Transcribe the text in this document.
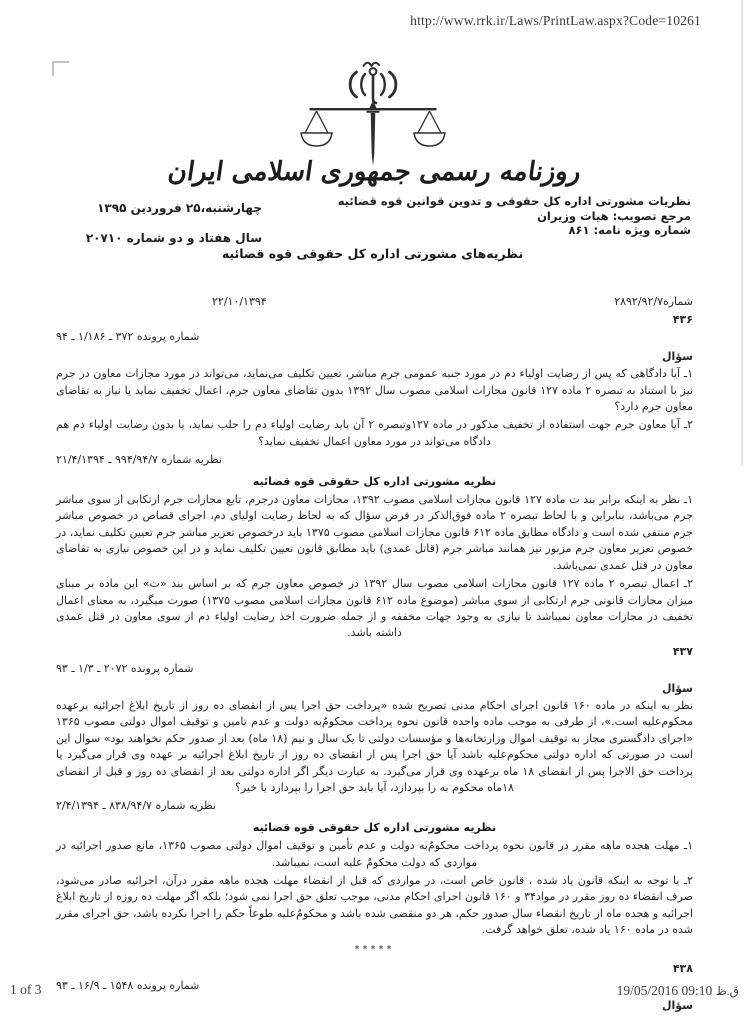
http://www.rrk.ir/Laws/PrintLaw.aspx?Code=10261
روزنامه رسمی جمهوری اسلامی ایران
نظریات مشورتی اداره کل حقوقی و تدوین قوانین قوه قضائیه
مرجع تصویب: هیات وزیران
شماره ویژه نامه: ۸۶۱
چهارشنبه،۲۵ فروردین ۱۳۹۵
سال هفتاد و دو شماره ۲۰۷۱۰
نظریه‌های مشورتی اداره کل حقوقی قوه قضائیه
شماره۲۸۹۲/۹۲/۷
۲۲/۱۰/۱۳۹۴
۴۳۶
شماره پرونده ۳۷۲ ـ ۱/۱۸۶ ـ ۹۴
سؤال

۱ـ آیا دادگاهی که پس از رضایت اولیاء دم در مورد جنبه عمومی جرم مباشر، تعیین تکلیف می‌نماید، می‌تواند در مورد مجازات معاون در جرم نیز با استناد به تبصره ۲ ماده ۱۲۷ قانون مجازات اسلامی مصوب سال ۱۳۹۲ بدون تقاضای معاون جرم، اعمال تخفیف نماید یا نیاز به تقاضای معاون جرم دارد؟

۲ـ آیا معاون جرم جهت استفاده از تخفیف مذکور در ماده ۱۲۷وتبصره ۲ آن باید رضایت اولیاء دم را جلب نماید، یا بدون رضایت اولیاء دم هم دادگاه می‌تواند در مورد معاون اعمال تخفیف نماید؟

نظریه شماره ۹۹۴/۹۴/۷ ـ ۲۱/۴/۱۳۹۴
نظریه مشورتی اداره کل حقوقی قوه قضائیه

۱ـ نظر به اینکه برابر بند ت ماده ۱۲۷ قانون مجازات اسلامی مصوب ۱۳۹۲، مجازات معاون درجرم، تابع مجازات جرم ارتکابی از سوی مباشر جرم می‌باشد، بنابراین و با لحاظ تبصره ۲ ماده فوق‌الذکر در فرض سؤال که به لحاظ رضایت اولیای دم، اجرای قصاص در خصوص مباشر جرم منتفی شده است و دادگاه مطابق ماده ۶۱۲ قانون مجازات اسلامی مصوب ۱۳۷۵ باید درخصوص تعزیر مباشر جرم تعیین تکلیف نماید، در خصوص تعزیر معاون جرم مزبور نیز همانند مباشر جرم (قاتل عمدی) باید مطابق قانون تعیین تکلیف نماید و در این خصوص نیازی به تقاضای معاون در قتل عمدی نمی‌باشد.

۲ـ اعمال تبصره ۲ ماده ۱۲۷ قانون مجازات اسلامی مصوب سال ۱۳۹۲ در خصوص معاون جرم که بر اساس بند «ت» این ماده بر مبنای میزان مجازات قانونی جرم ارتکابی از سوی مباشر (موضوع ماده ۶۱۲ قانون مجازات اسلامی مصوب ۱۳۷۵) صورت میگیرد، به معنای اعمال تخفیف در مجازات معاون نمیباشد تا نیازی به وجود جهات مخففه و از جمله ضرورت اخذ رضایت اولیاء دم از سوی معاون در قتل عمدی داشته باشد.

۴۳۷
شماره پرونده ۲۰۷۲ ـ ۱/۳ ـ ۹۳
سؤال

نظر به اینکه در ماده ۱۶۰ قانون اجرای احکام مدنی تصریح شده «پرداخت حق اجرا پس از انقضای ده روز از تاریخ ابلاغ اجرائیه برعهده محکوم‌علیه است.»، از طرفی به موجب ماده واحده قانون نحوه پرداخت محکومٌ‌به دولت و عدم تامین و توقیف اموال دولتی مصوب ۱۳۶۵ «اجرای دادگستری مجاز به توقیف اموال وزارتخانه‌ها و مؤسسات دولتی تا یک سال و نیم (۱۸ ماه) بعد از صدور حکم نخواهند بود» سوال این است در صورتی که اداره دولتی محکوم‌علیه باشد آیا حق اجرا پس از انقضای ده روز از تاریخ ابلاغ اجرائیه بر عهده وی قرار می‌گیرد یا پرداخت حق الاجرا پس از انقضای ۱۸ ماه برعهده وی قرار می‌گیرد. به عبارت دیگر اگر اداره دولتی بعد از انقضای ده روز و قبل از انقضای ۱۸ماه محکوم به را بپردازد، آیا باید حق اجرا را بپردازد یا خیر؟

نظریه شماره ۸۳۸/۹۴/۷ ـ ۲/۴/۱۳۹۴
نظریه مشورتی اداره کل حقوقی قوه قضائیه

۱ـ مهلت هجده ماهه مقرر در قانون نحوه پرداخت محکومٌ‌به دولت و عدم تأمین و توقیف اموال دولتی مصوب ۱۳۶۵، مانع صدور اجرائیه در مواردی که دولت محکومٌ علیه است، نمیباشد.

۲ـ با توجه به اینکه قانون یاد شده ، قانون خاص است، در مواردی که قبل از انقضاء مهلت هجده ماهه مقرر درآن، اجرائیه صادر می‌شود، صرف انقضاء ده روز مقرر در مواد۳۴ و ۱۶۰ قانون اجرای احکام مدنی، موجب تعلق حق اجرا نمی شود؛ بلکه اگر مهلت ده روزه از تاریخ ابلاغ اجرائیه و هجده ماه از تاریخ انقضاء سال صدور حکم، هر دو منقضی شده باشد و محکومٌ‌علیه طوعاً حکم را اجرا نکرده باشد، حق اجرای مقرر شده در ماده ۱۶۰ یاد شده، تعلق خواهد گرفت.

*****
۴۳۸
شماره پرونده ۱۵۴۸ ـ ۱۶/۹ ـ ۹۳
سؤال
1 of 3	19/05/2016 09:10 ق.ظ
